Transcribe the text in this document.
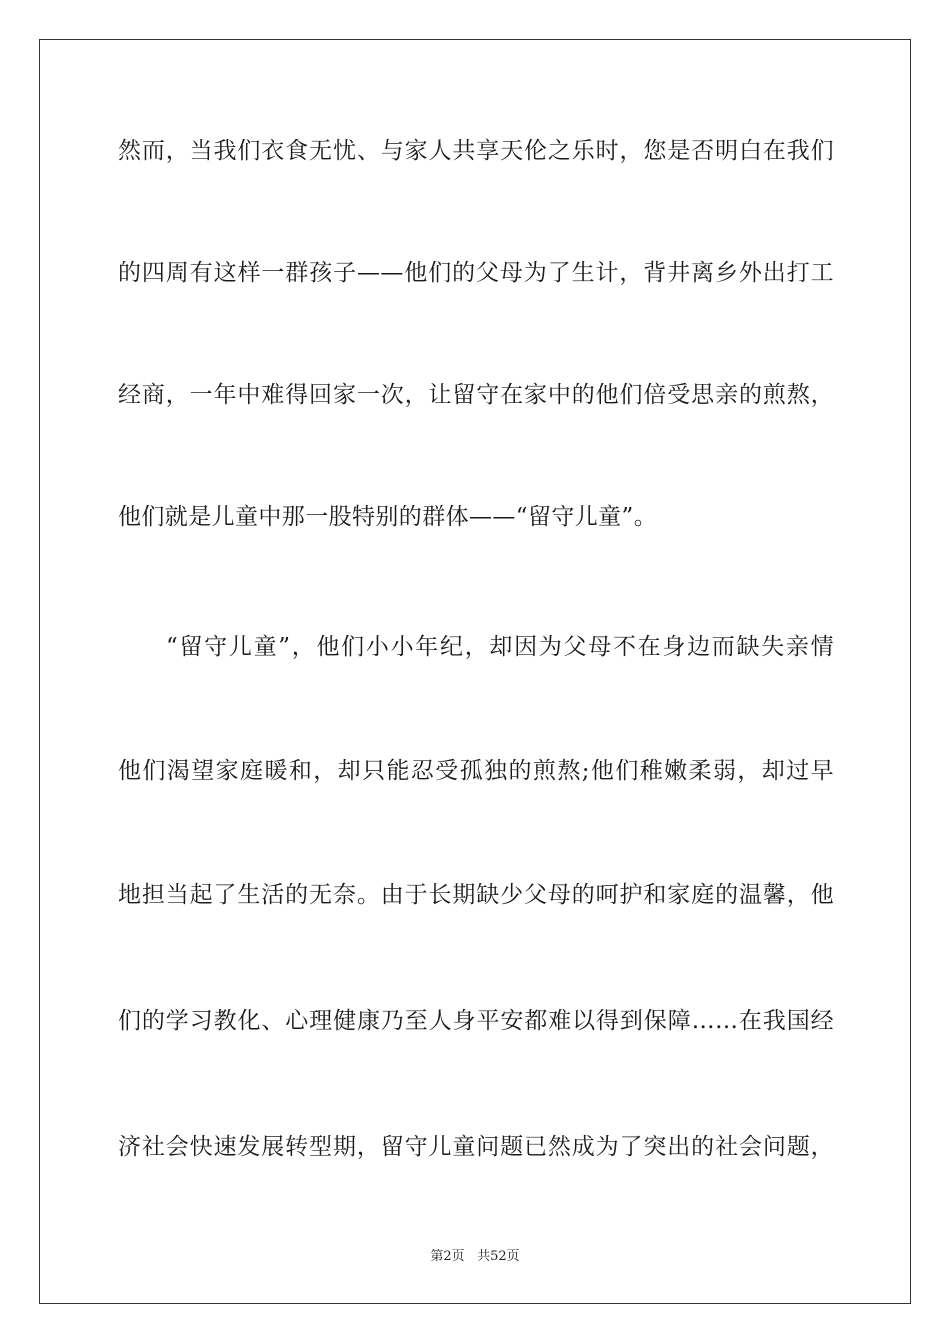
然而，当我们衣食无忧、与家人共享天伦之乐时，您是否明白在我们
的四周有这样一群孩子——他们的父母为了生计，背井离乡外出打工
经商，一年中难得回家一次，让留守在家中的他们倍受思亲的煎熬，
他们就是儿童中那一股特别的群体——“留守儿童”。
“留守儿童”，他们小小年纪，却因为父母不在身边而缺失亲情
他们渴望家庭暖和，却只能忍受孤独的煎熬;他们稚嫩柔弱，却过早
地担当起了生活的无奈。由于长期缺少父母的呵护和家庭的温馨，他
们的学习教化、心理健康乃至人身平安都难以得到保障……在我国经
济社会快速发展转型期，留守儿童问题已然成为了突出的社会问题，
第2页 共52页
